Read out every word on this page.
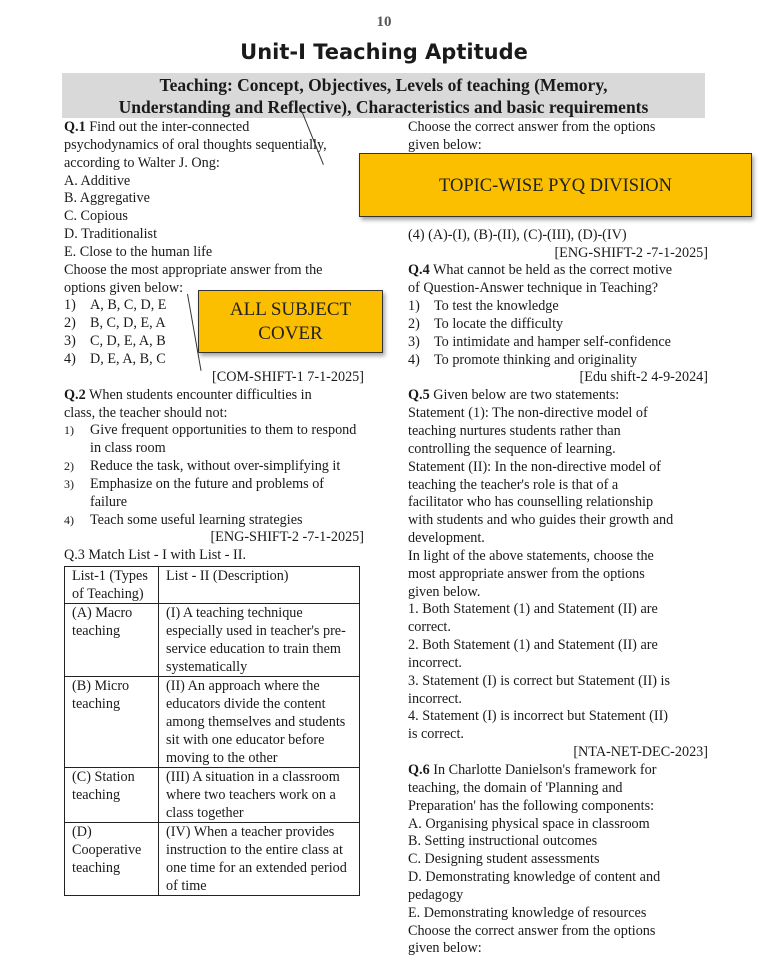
10
Unit-I Teaching Aptitude
Teaching: Concept, Objectives, Levels of teaching (Memory,
Understanding and Reflective), Characteristics and basic requirements
Q.1 Find out the inter-connected
psychodynamics of oral thoughts sequentially,
according to Walter J. Ong:
A. Additive
B. Aggregative
C. Copious
D. Traditionalist
E. Close to the human life
Choose the most appropriate answer from the
options given below:
1) A, B, C, D, E
2) B, C, D, E, A
3) C, D, E, A, B
4) D, E, A, B, C
[COM-SHIFT-1 7-1-2025]
Q.2 When students encounter difficulties in
class, the teacher should not:
1)	Give frequent opportunities to them to respond in class room
2)	Reduce the task, without over-simplifying it
3)	Emphasize on the future and problems of failure
4)	Teach some useful learning strategies
[ENG-SHIFT-2 -7-1-2025]
Q.3 Match List - I with List - II.
List-1 (Types of Teaching)	List - II (Description)
(A) Macro teaching	(I) A teaching technique especially used in teacher's pre-service education to train them systematically
(B) Micro teaching	(II) An approach where the educators divide the content among themselves and students sit with one educator before moving to the other
(C) Station teaching	(III) A situation in a classroom where two teachers work on a class together
(D) Cooperative teaching	(IV) When a teacher provides instruction to the entire class at one time for an extended period of time
Choose the correct answer from the options
given below:
(4) (A)-(I), (B)-(II), (C)-(III), (D)-(IV)
[ENG-SHIFT-2 -7-1-2025]
Q.4 What cannot be held as the correct motive
of Question-Answer technique in Teaching?
1) To test the knowledge
2) To locate the difficulty
3) To intimidate and hamper self-confidence
4) To promote thinking and originality
[Edu shift-2 4-9-2024]
Q.5 Given below are two statements:
Statement (1): The non-directive model of
teaching nurtures students rather than
controlling the sequence of learning.
Statement (II): In the non-directive model of
teaching the teacher's role is that of a
facilitator who has counselling relationship
with students and who guides their growth and
development.
In light of the above statements, choose the
most appropriate answer from the options
given below.
1. Both Statement (1) and Statement (II) are
correct.
2. Both Statement (1) and Statement (II) are
incorrect.
3. Statement (I) is correct but Statement (II) is
incorrect.
4. Statement (I) is incorrect but Statement (II)
is correct.
[NTA-NET-DEC-2023]
Q.6 In Charlotte Danielson's framework for
teaching, the domain of 'Planning and
Preparation' has the following components:
A. Organising physical space in classroom
B. Setting instructional outcomes
C. Designing student assessments
D. Demonstrating knowledge of content and
pedagogy
E. Demonstrating knowledge of resources
Choose the correct answer from the options
given below:
TOPIC-WISE PYQ DIVISION
ALL SUBJECT
COVER
